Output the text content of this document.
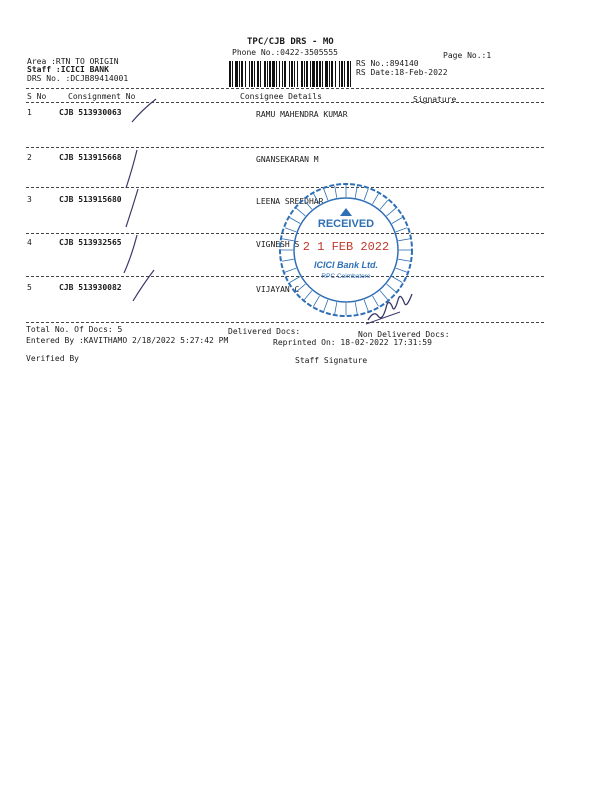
TPC/CJB DRS - MO
Phone No.:0422-3505555	Page No.:1
RS No.:894140
RS Date:18-Feb-2022
Area :RTN TO ORIGIN
Staff :ICICI BANK
DRS No. :DCJB89414001
S No	Consignment No	Consignee Details	Signature
1	CJB 513930063	RAMU MAHENDRA KUMAR
2	CJB 513915668	GNANSEKARAN M
3	CJB 513915680	LEENA SREEDHAR
4	CJB 513932565	VIGNESH S
5	CJB 513930082	VIJAYAN C
RECEIVED
2 1 FEB 2022
ICICI Bank Ltd.
RPC Coimbatore
Total No. Of Docs: 5	Delivered Docs:	Non Delivered Docs:
Entered By :KAVITHAMO 2/18/2022 5:27:42 PM	Reprinted On: 18-02-2022 17:31:59
Verified By	Staff Signature
